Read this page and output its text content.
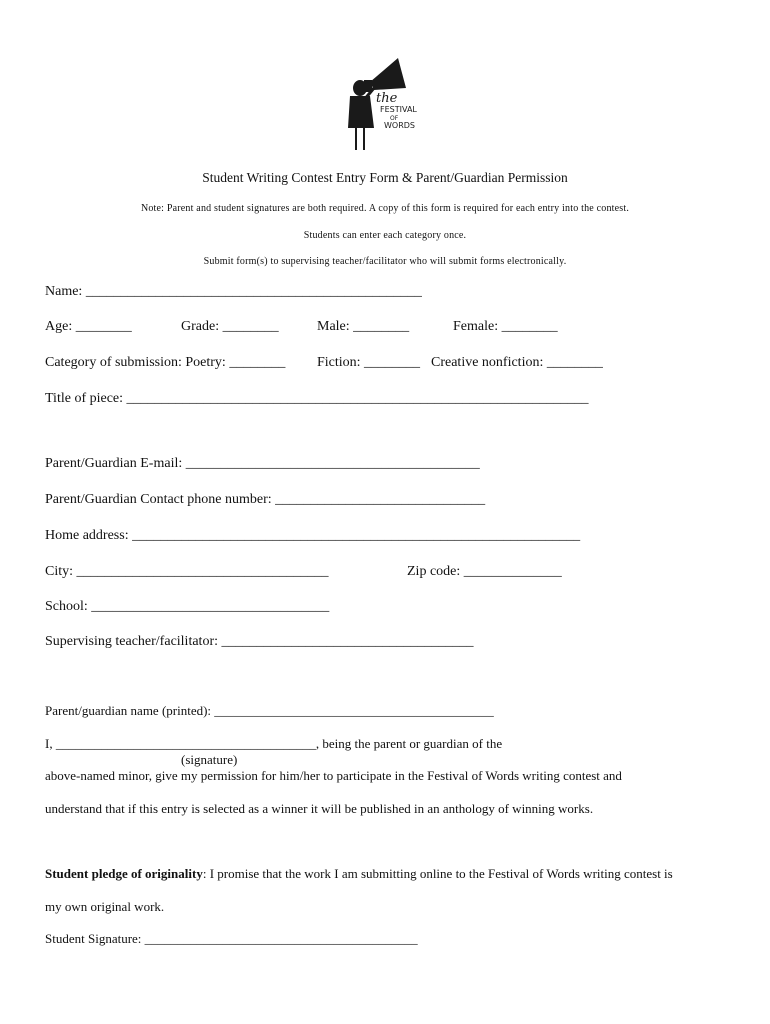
the
FESTIVAL
OF
WORDS
Student Writing Contest Entry Form & Parent/Guardian Permission
Note: Parent and student signatures are both required. A copy of this form is required for each entry into the contest.
Students can enter each category once.
Submit form(s) to supervising teacher/facilitator who will submit forms electronically.
Name: ________________________________________________
Age: ________	Grade: ________	Male: ________	Female: ________
Category of submission: Poetry: ________ Fiction: ________ Creative nonfiction: ________
Title of piece: __________________________________________________________________
Parent/Guardian E-mail: __________________________________________
Parent/Guardian Contact phone number: ______________________________
Home address: ________________________________________________________________
City: ____________________________________	Zip code: ______________
School: __________________________________
Supervising teacher/facilitator: ____________________________________
Parent/guardian name (printed): ___________________________________________
I, ________________________________________, being the parent or guardian of the
(signature)
above-named minor, give my permission for him/her to participate in the Festival of Words writing contest and
understand that if this entry is selected as a winner it will be published in an anthology of winning works.
Student pledge of originality: I promise that the work I am submitting online to the Festival of Words writing contest is
my own original work.
Student Signature: __________________________________________
